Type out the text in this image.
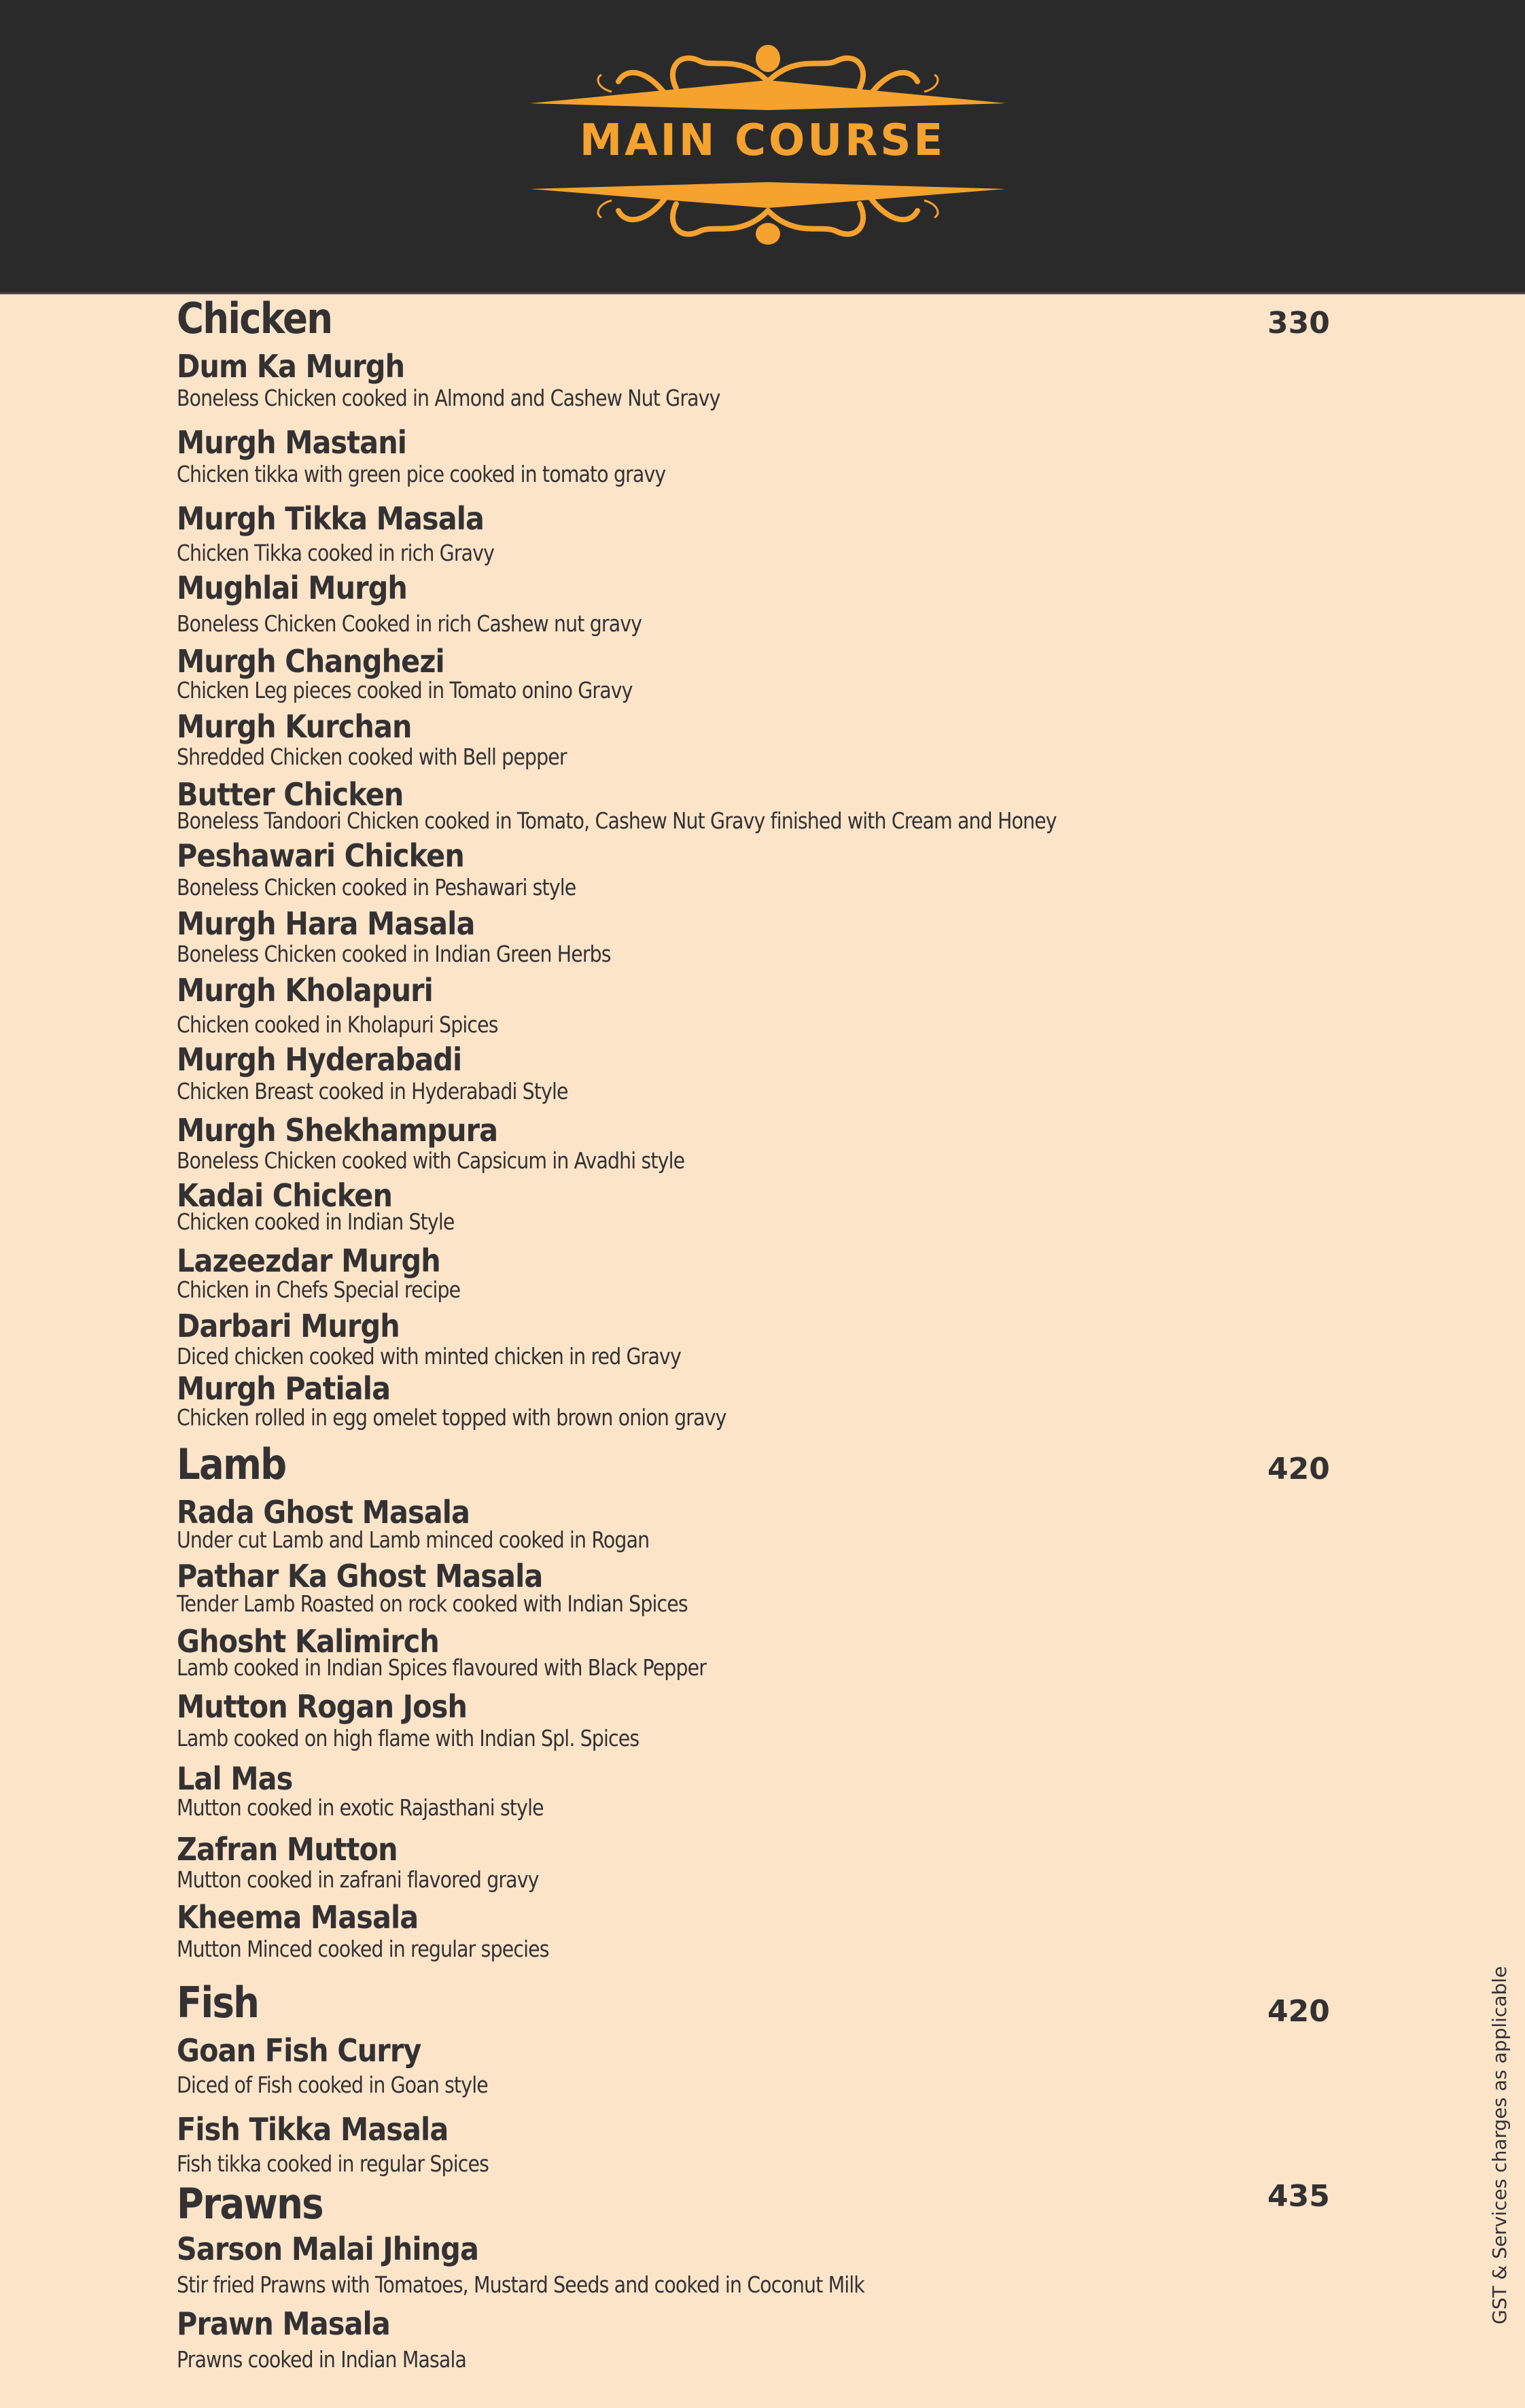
MAIN COURSE
Chicken	330
Dum Ka Murgh
Boneless Chicken cooked in Almond and Cashew Nut Gravy
Murgh Mastani
Chicken tikka with green pice cooked in tomato gravy
Murgh Tikka Masala
Chicken Tikka cooked in rich Gravy
Mughlai Murgh
Boneless Chicken Cooked in rich Cashew nut gravy
Murgh Changhezi
Chicken Leg pieces cooked in Tomato onino Gravy
Murgh Kurchan
Shredded Chicken cooked with Bell pepper
Butter Chicken
Boneless Tandoori Chicken cooked in Tomato, Cashew Nut Gravy finished with Cream and Honey
Peshawari Chicken
Boneless Chicken cooked in Peshawari style
Murgh Hara Masala
Boneless Chicken cooked in Indian Green Herbs
Murgh Kholapuri
Chicken cooked in Kholapuri Spices
Murgh Hyderabadi
Chicken Breast cooked in Hyderabadi Style
Murgh Shekhampura
Boneless Chicken cooked with Capsicum in Avadhi style
Kadai Chicken
Chicken cooked in Indian Style
Lazeezdar Murgh
Chicken in Chefs Special recipe
Darbari Murgh
Diced chicken cooked with minted chicken in red Gravy
Murgh Patiala
Chicken rolled in egg omelet topped with brown onion gravy
Lamb	420
Rada Ghost Masala
Under cut Lamb and Lamb minced cooked in Rogan
Pathar Ka Ghost Masala
Tender Lamb Roasted on rock cooked with Indian Spices
Ghosht Kalimirch
Lamb cooked in Indian Spices flavoured with Black Pepper
Mutton Rogan Josh
Lamb cooked on high flame with Indian Spl. Spices
Lal Mas
Mutton cooked in exotic Rajasthani style
Zafran Mutton
Mutton cooked in zafrani flavored gravy
Kheema Masala
Mutton Minced cooked in regular species
Fish	420
Goan Fish Curry
Diced of Fish cooked in Goan style
Fish Tikka Masala
Fish tikka cooked in regular Spices
Prawns	435
Sarson Malai Jhinga
Stir fried Prawns with Tomatoes, Mustard Seeds and cooked in Coconut Milk
Prawn Masala
Prawns cooked in Indian Masala
GST & Services charges as applicable
